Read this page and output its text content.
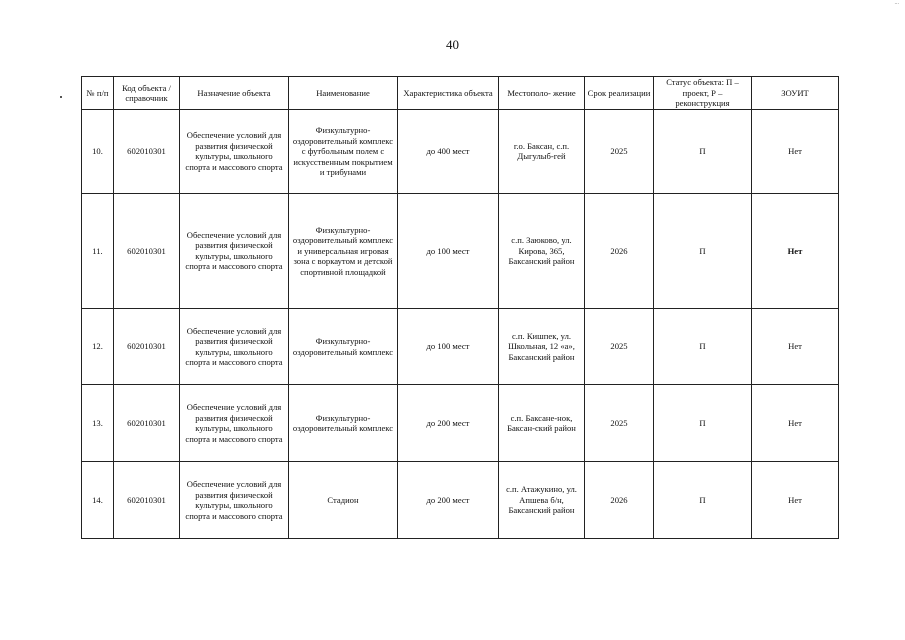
...
40
№ п/п	Код объекта / справочник	Назначение объекта	Наименование	Характеристика объекта	Местополо- жение	Срок реализации	Статус объекта: П – проект, Р – реконструкция	ЗОУИТ
10.	602010301	Обеспечение условий для развития физической культуры, школьного спорта и массового спорта	Физкультурно-оздоровительный комплекс с футбольным полем с искусственным покрытием и трибунами	до 400 мест	г.о. Баксан, с.п. Дыгулыб-гей	2025	П	Нет
11.	602010301	Обеспечение условий для развития физической культуры, школьного спорта и массового спорта	Физкультурно-оздоровительный комплекс и универсальная игровая зона с воркаутом и детской спортивной площадкой	до 100 мест	с.п. Заюково, ул. Кирова, 365, Баксанский район	2026	П	Нет
12.	602010301	Обеспечение условий для развития физической культуры, школьного спорта и массового спорта	Физкультурно-оздоровительный комплекс	до 100 мест	с.п. Кишпек, ул. Школьная, 12 «а», Баксанский район	2025	П	Нет
13.	602010301	Обеспечение условий для развития физической культуры, школьного спорта и массового спорта	Физкультурно-оздоровительный комплекс	до 200 мест	с.п. Баксане-нок, Баксан-ский район	2025	П	Нет
14.	602010301	Обеспечение условий для развития физической культуры, школьного спорта и массового спорта	Стадион	до 200 мест	с.п. Атажукино, ул. Апшева б/н, Баксанский район	2026	П	Нет
